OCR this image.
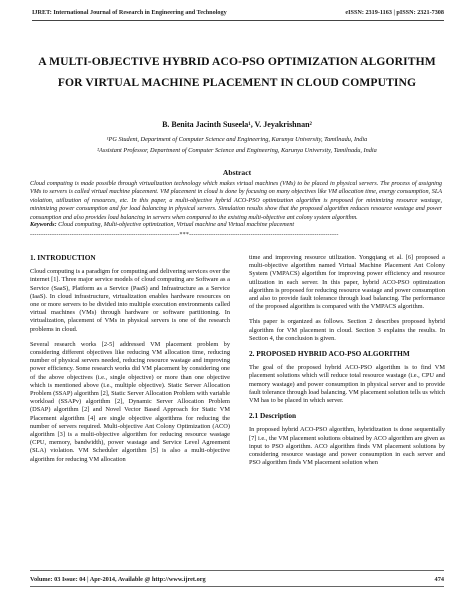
IJRET: International Journal of Research in Engineering and Technology	eISSN: 2319-1163 | pISSN: 2321-7308
A MULTI-OBJECTIVE HYBRID ACO-PSO OPTIMIZATION ALGORITHM FOR VIRTUAL MACHINE PLACEMENT IN CLOUD COMPUTING
B. Benita Jacinth Suseela¹, V. Jeyakrishnan²
¹PG Student, Department of Computer Science and Engineering, Karunya University, Tamilnadu, India
²Assistant Professor, Department of Computer Science and Engineering, Karunya University, Tamilnadu, India
Abstract
Cloud computing is made possible through virtualization technology which makes virtual machines (VMs) to be placed in physical servers. The process of assigning VMs to servers is called virtual machine placement. VM placement in cloud is done by focusing on many objectives like VM allocation time, energy consumption, SLA violation, utilization of resources, etc. In this paper, a multi-objective hybrid ACO-PSO optimization algorithm is proposed for minimizing resource wastage, minimizing power consumption and for load balancing in physical servers. Simulation results show that the proposed algorithm reduces resource wastage and power consumption and also provides load balancing in servers when compared to the existing multi-objective ant colony system algorithm.
Keywords: Cloud computing, Multi-objective optimization, Virtual machine and Virtual machine placement
--------------------------------------------------------------------***--------------------------------------------------------------------
1. INTRODUCTION

Cloud computing is a paradigm for computing and delivering services over the internet [1]. Three major service models of cloud computing are Software as a Service (SaaS), Platform as a Service (PaaS) and Infrastructure as a Service (IaaS). In cloud infrastructure, virtualization enables hardware resources on one or more servers to be divided into multiple execution environments called virtual machines (VMs) through hardware or software partitioning. In virtualization, placement of VMs in physical servers is one of the research problems in cloud.

Several research works [2-5] addressed VM placement problem by considering different objectives like reducing VM allocation time, reducing number of physical servers needed, reducing resource wastage and improving power efficiency. Some research works did VM placement by considering one of the above objectives (i.e., single objective) or more than one objective which is mentioned above (i.e., multiple objective). Static Server Allocation Problem (SSAP) algorithm [2], Static Server Allocation Problem with variable workload (SSAPv) algorithm [2], Dynamic Server Allocation Problem (DSAP) algorithm [2] and Novel Vector Based Approach for Static VM Placement algorithm [4] are single objective algorithms for reducing the number of servers required. Multi-objective Ant Colony Optimization (ACO) algorithm [3] is a multi-objective algorithm for reducing resource wastage (CPU, memory, bandwidth), power wastage and Service Level Agreement (SLA) violation. VM Scheduler algorithm [5] is also a multi-objective algorithm for reducing VM allocation

time and improving resource utilization. Yongqiang et al. [6] proposed a multi-objective algorithm named Virtual Machine Placement Ant Colony System (VMPACS) algorithm for improving power efficiency and resource utilization in each server. In this paper, hybrid ACO-PSO optimization algorithm is proposed for reducing resource wastage and power consumption and also to provide fault tolerance through load balancing. The performance of the proposed algorithm is compared with the VMPACS algorithm.

This paper is organized as follows. Section 2 describes proposed hybrid algorithm for VM placement in cloud. Section 3 explains the results. In Section 4, the conclusion is given.

2. PROPOSED HYBRID ACO-PSO ALGORITHM

The goal of the proposed hybrid ACO-PSO algorithm is to find VM placement solutions which will reduce total resource wastage (i.e., CPU and memory wastage) and power consumption in physical server and to provide fault tolerance through load balancing. VM placement solution tells us which VM has to be placed in which server.

2.1 Description

In proposed hybrid ACO-PSO algorithm, hybridization is done sequentially [7] i.e., the VM placement solutions obtained by ACO algorithm are given as input to PSO algorithm. ACO algorithm finds VM placement solutions by considering resource wastage and power consumption in each server and PSO algorithm finds VM placement solution when

Volume: 03 Issue: 04 | Apr-2014, Available @ http://www.ijret.org	474
